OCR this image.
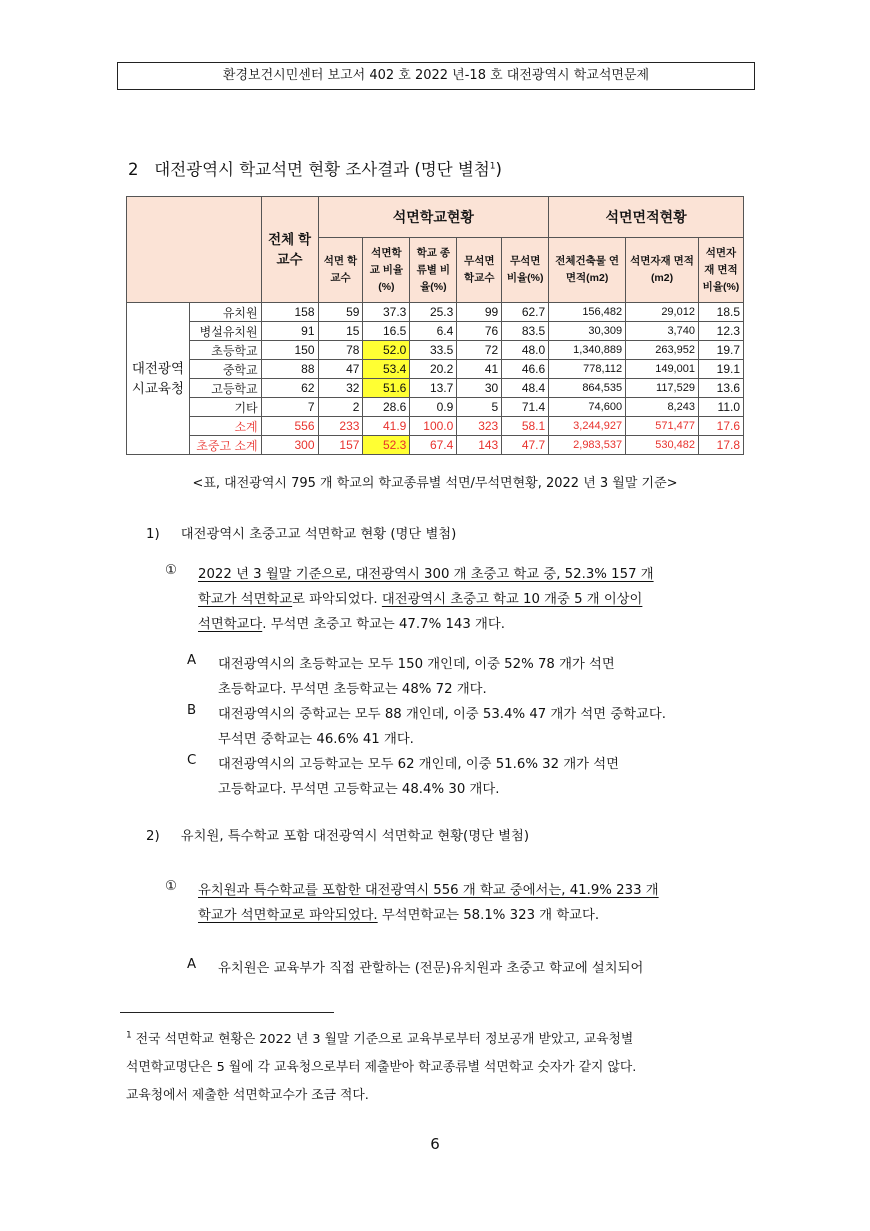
환경보건시민센터 보고서 402 호 2022 년-18 호 대전광역시 학교석면문제
2 대전광역시 학교석면 현황 조사결과 (명단 별첨$^1$)
		전체 학교수	석면학교현황					석면면적현황		
			석면 학교수	석면학교 비율(%)	학교 종류별 비율(%)	무석면 학교수	무석면 비율(%)	전체건축물 연면적(m2)	석면자재 면적(m2)	석면자재 면적 비율(%)
대전광역 시교육청	유치원	158	59	37.3	25.3	99	62.7	156,482	29,012	18.5
	병설유치원	91	15	16.5	6.4	76	83.5	30,309	3,740	12.3
	초등학교	150	78	52.0	33.5	72	48.0	1,340,889	263,952	19.7
	중학교	88	47	53.4	20.2	41	46.6	778,112	149,001	19.1
	고등학교	62	32	51.6	13.7	30	48.4	864,535	117,529	13.6
	기타	7	2	28.6	0.9	5	71.4	74,600	8,243	11.0
	소계	556	233	41.9	100.0	323	58.1	3,244,927	571,477	17.6
	초중고 소계	300	157	52.3	67.4	143	47.7	2,983,537	530,482	17.8
<표, 대전광역시 795 개 학교의 학교종류별 석면/무석면현황, 2022 년 3 월말 기준>
1)     대전광역시 초중고교 석면학교 현황 (명단 별첨)
① 2022 년 3 월말 기준으로, 대전광역시 300 개 초중고 학교 중, 52.3% 157 개
학교가 석면학교로 파악되었다. 대전광역시 초중고 학교 10 개중 5 개 이상이
석면학교다. 무석면 초중고 학교는 47.7% 143 개다.
A 대전광역시의 초등학교는 모두 150 개인데, 이중 52% 78 개가 석면
초등학교다. 무석면 초등학교는 48% 72 개다.
B 대전광역시의 중학교는 모두 88 개인데, 이중 53.4% 47 개가 석면 중학교다.
무석면 중학교는 46.6% 41 개다.
C 대전광역시의 고등학교는 모두 62 개인데, 이중 51.6% 32 개가 석면
고등학교다. 무석면 고등학교는 48.4% 30 개다.
2)     유치원, 특수학교 포함 대전광역시 석면학교 현황(명단 별첨)
① 유치원과 특수학교를 포함한 대전광역시 556 개 학교 중에서는, 41.9% 233 개
학교가 석면학교로 파악되었다. 무석면학교는 58.1% 323 개 학교다.
A 유치원은 교육부가 직접 관할하는 (전문)유치원과 초중고 학교에 설치되어
$^1$ 전국 석면학교 현황은 2022 년 3 월말 기준으로 교육부로부터 정보공개 받았고, 교육청별
석면학교명단은 5 월에 각 교육청으로부터 제출받아 학교종류별 석면학교 숫자가 같지 않다.
교육청에서 제출한 석면학교수가 조금 적다.
6
